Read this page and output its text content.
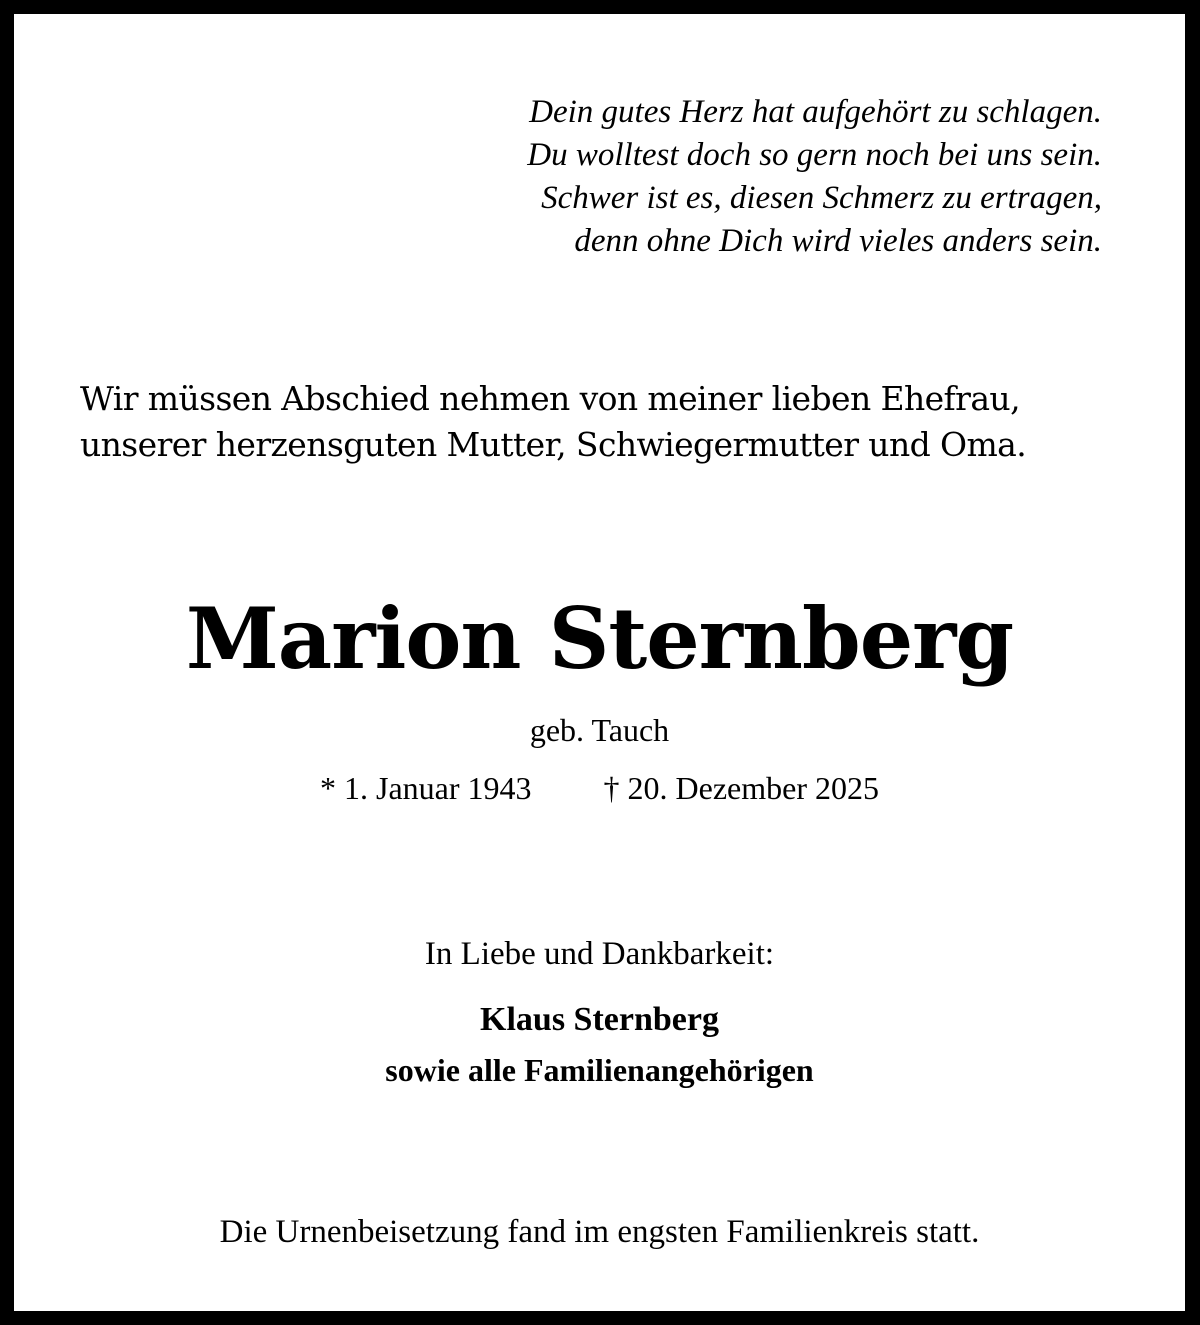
Dein gutes Herz hat aufgehört zu schlagen.
Du wolltest doch so gern noch bei uns sein.
Schwer ist es, diesen Schmerz zu ertragen,
denn ohne Dich wird vieles anders sein.
Wir müssen Abschied nehmen von meiner lieben Ehefrau,
unserer herzensguten Mutter, Schwiegermutter und Oma.
Marion Sternberg
geb. Tauch
* 1. Januar 1943 † 20. Dezember 2025
In Liebe und Dankbarkeit:
Klaus Sternberg
sowie alle Familienangehörigen
Die Urnenbeisetzung fand im engsten Familienkreis statt.
